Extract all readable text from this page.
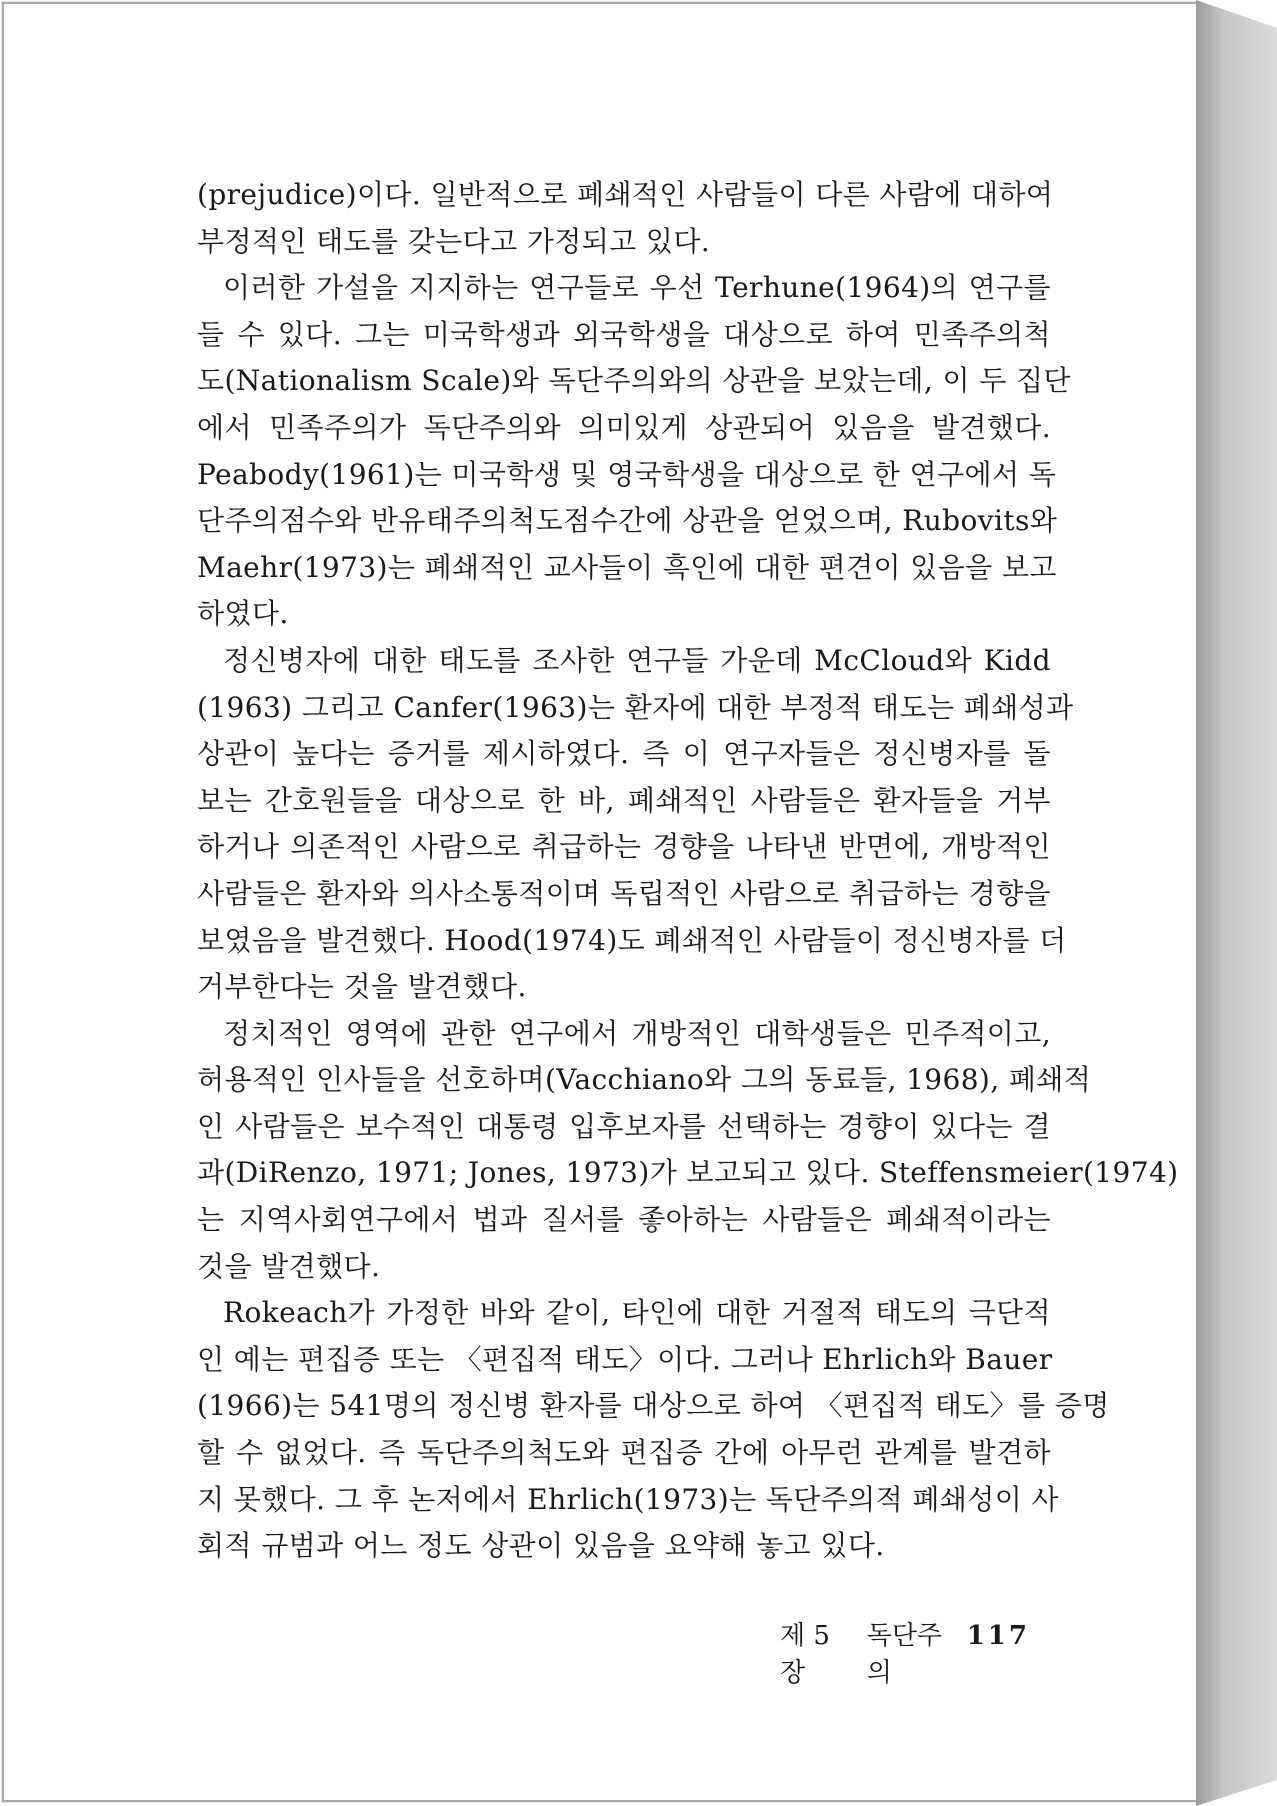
(prejudice)이다. 일반적으로 폐쇄적인 사람들이 다른 사람에 대하여
부정적인 태도를 갖는다고 가정되고 있다.
이러한 가설을 지지하는 연구들로 우선 Terhune(1964)의 연구를
들 수 있다. 그는 미국학생과 외국학생을 대상으로 하여 민족주의척
도(Nationalism Scale)와 독단주의와의 상관을 보았는데, 이 두 집단
에서 민족주의가 독단주의와 의미있게 상관되어 있음을 발견했다.
Peabody(1961)는 미국학생 및 영국학생을 대상으로 한 연구에서 독
단주의점수와 반유태주의척도점수간에 상관을 얻었으며, Rubovits와
Maehr(1973)는 폐쇄적인 교사들이 흑인에 대한 편견이 있음을 보고
하였다.
정신병자에 대한 태도를 조사한 연구들 가운데 McCloud와 Kidd
(1963) 그리고 Canfer(1963)는 환자에 대한 부정적 태도는 폐쇄성과
상관이 높다는 증거를 제시하였다. 즉 이 연구자들은 정신병자를 돌
보는 간호원들을 대상으로 한 바, 폐쇄적인 사람들은 환자들을 거부
하거나 의존적인 사람으로 취급하는 경향을 나타낸 반면에, 개방적인
사람들은 환자와 의사소통적이며 독립적인 사람으로 취급하는 경향을
보였음을 발견했다. Hood(1974)도 폐쇄적인 사람들이 정신병자를 더
거부한다는 것을 발견했다.
정치적인 영역에 관한 연구에서 개방적인 대학생들은 민주적이고,
허용적인 인사들을 선호하며(Vacchiano와 그의 동료들, 1968), 폐쇄적
인 사람들은 보수적인 대통령 입후보자를 선택하는 경향이 있다는 결
과(DiRenzo, 1971; Jones, 1973)가 보고되고 있다. Steffensmeier(1974)
는 지역사회연구에서 법과 질서를 좋아하는 사람들은 폐쇄적이라는
것을 발견했다.
Rokeach가 가정한 바와 같이, 타인에 대한 거절적 태도의 극단적
인 예는 편집증 또는 〈편집적 태도〉이다. 그러나 Ehrlich와 Bauer
(1966)는 541명의 정신병 환자를 대상으로 하여 〈편집적 태도〉를 증명
할 수 없었다. 즉 독단주의척도와 편집증 간에 아무런 관계를 발견하
지 못했다. 그 후 논저에서 Ehrlich(1973)는 독단주의적 폐쇄성이 사
회적 규범과 어느 정도 상관이 있음을 요약해 놓고 있다.
제 5 장
독단주의
117
